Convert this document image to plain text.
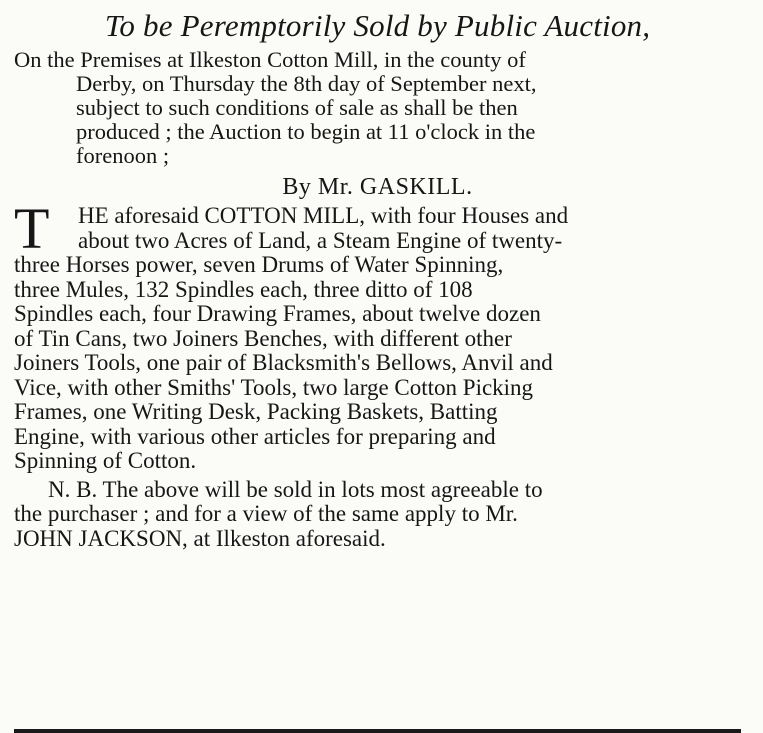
To be Peremptorily Sold by Public Auction,
On the Premises at Ilkeston Cotton Mill, in the county of
Derby, on Thursday the 8th day of September next,
subject to such conditions of sale as shall be then
produced ; the Auction to begin at 11 o'clock in the
forenoon ;
By Mr. GASKILL.
T HE aforesaid COTTON MILL, with four Houses and
about two Acres of Land, a Steam Engine of twenty-
three Horses power, seven Drums of Water Spinning,
three Mules, 132 Spindles each, three ditto of 108
Spindles each, four Drawing Frames, about twelve dozen
of Tin Cans, two Joiners Benches, with different other
Joiners Tools, one pair of Blacksmith's Bellows, Anvil and
Vice, with other Smiths' Tools, two large Cotton Picking
Frames, one Writing Desk, Packing Baskets, Batting
Engine, with various other articles for preparing and
Spinning of Cotton.
N. B. The above will be sold in lots most agreeable to
the purchaser ; and for a view of the same apply to Mr.
JOHN JACKSON, at Ilkeston aforesaid.
